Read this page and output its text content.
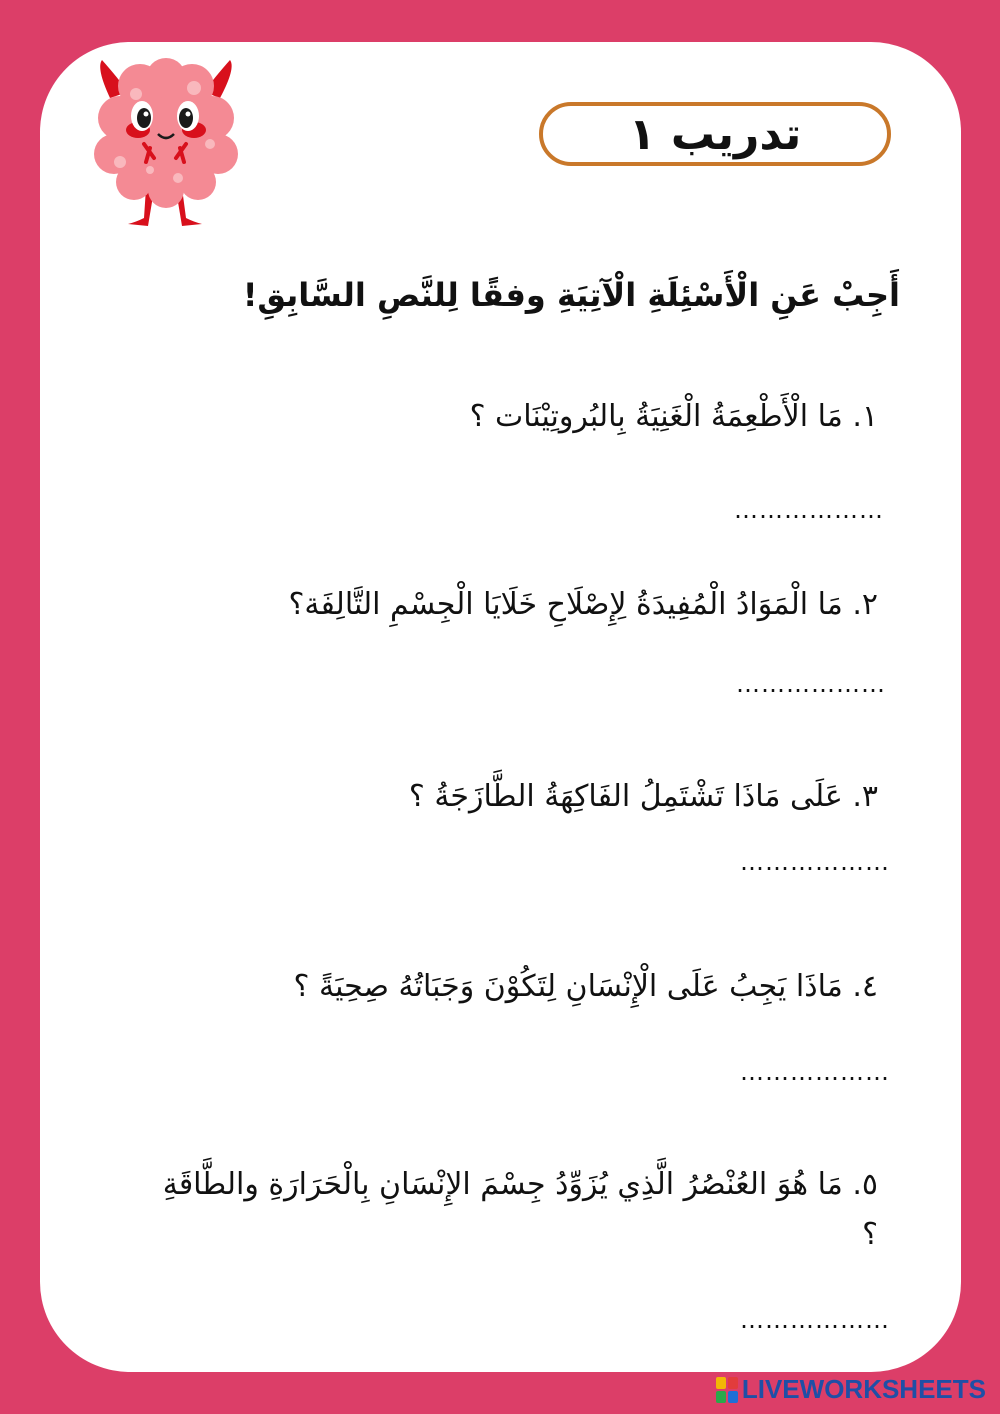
تدريب ١
أَجِبْ عَنِ الْأَسْئِلَةِ الْآتِيَةِ وفقًا لِلنَّصِ السَّابِقِ!
١. مَا الْأَطْعِمَةُ الْغَنِيَةُ بِالبُروتِيْنَات ؟
………………
٢. مَا الْمَوَادُ الْمُفِيدَةُ لِإِصْلَاحِ خَلَايَا الْجِسْمِ التَّالِفَة؟
………………
٣. عَلَى مَاذَا تَشْتَمِلُ الفَاكِهَةُ الطَّازَجَةُ ؟
………………
٤. مَاذَا يَجِبُ عَلَى الْإِنْسَانِ لِتَكُوْنَ وَجَبَاتُهُ صِحِيَةً ؟
………………
٥. مَا هُوَ العُنْصُرُ الَّذِي يُزَوِّدُ جِسْمَ الإِنْسَانِ بِالْحَرَارَةِ والطَّاقَةِ ؟
………………
LIVEWORKSHEETS
